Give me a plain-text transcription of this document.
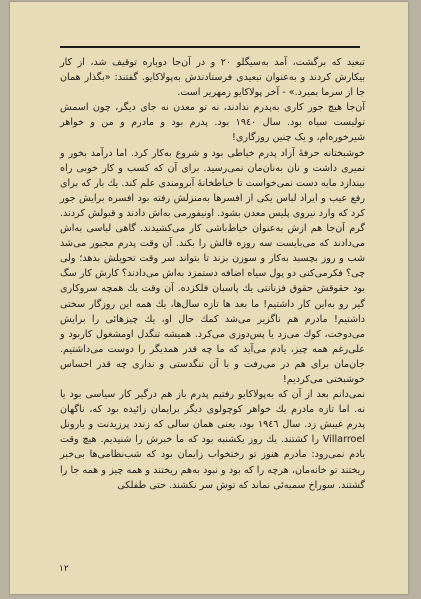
تبعید که برگشت، آمد به‌سیگلو ٢٠ و در آن‌جا دوباره توقیف شد، از کار بیکارش کردند و به‌عنوان تبعیدی فرستادندش به‌پولاکایو. گفتند: «بگذار همان جا از سرما بمیرد.» - آخر پولاکایو زمهریر است.

آن‌جا هیچ جور کاری به‌پدرم ندادند، نه تو معدن نه جای دیگر، چون اسمش تولیست سیاه بود. سال ١٩٤٠ بود. پدرم بود و مادرم و من و خواهر شیرخوره‌ام، و یک چنین روزگاری!

خوشبختانه حرفهٔ آزاد پدرم خیاطی بود و شروع به‌کار کرد. اما درآمد بخور و نمیری داشت و نان به‌نان‌مان نمی‌رسید. برای آن که کسب و کار خوبی راه بیندازد مایه دست نمی‌خواست تا خیاطخانهٔ آبرومندی علم کند. یك بار که برای رفع عیب و ایراد لباس یکی از افسرها به‌منزلش رفته بود افسره برایش جور کرد که وارد نیروی پلیس معدن بشود. اونیفورمی به‌اش دادند و قبولش کردند. گرم آن‌جا هم ازش به‌عنوان خیاط‌باشی کار می‌کشیدند. گاهی لباسی به‌اش می‌دادند که می‌بایست سه روزه قالش را بکند. آن وقت پدرم مجبور می‌شد شب و روز بچسبد به‌کار و سوزن بزند تا بتواند سر وقت تحویلش بدهد؛ ولی چی؟ فکرمی‌کنی دو پول سیاه اضافه دستمزد به‌اش می‌دادند؟ کارش کار سگ بود حقوقش حقوق فزنانتی یك پاسبان فلکزده. آن وقت یك همچه سروکاری گیر رو به‌این کار داشتیم! ما بعد ها تازه سال‌ها، یك همه این روزگار سختی داشتیم! مادرم هم ناگزیر می‌شد کمك حال او، یك چیزهائی را برایش می‌دوخت، کوك می‌زد یا پس‌دوزی می‌کرد. همیشه تنگدل اومشغول کاربود و علی‌رغم همه چیز، یادم می‌آید که ما چه قدر همدیگر را دوست می‌داشتیم. جان‌مان برای هم در می‌رفت و با آن تنگدستی و نداری چه قدر احساس خوشبختی می‌کردیم!

نمی‌دانم بعد از آن که به‌پولاکایو رفتیم پدرم باز هم درگیر کار سیاسی بود یا نه. اما تازه مادرم یك خواهر کوچولوی دیگر برایمان زائیده بود که، ناگهان پدرم غیبش زد. سال ١٩٤٦ بود، یعنی همان سالی که زندد پرزیدنت و یارونل Villarroel را کشتند. یك روز یکشنبه بود که ما خبرش را شنیدیم. هیچ وقت یادم نمی‌رود: مادرم هنوز تو رختخواب زایمان بود که شب‌نظامی‌ها بی‌خبر ریختند تو خانه‌مان، هرچه را که بود و نبود به‌هم ریختند و همه چیز و همه جا را گشتند. سوراخ سمبه‌ئی نماند که توش سر نکشند. حتی طفلکی

١٢
